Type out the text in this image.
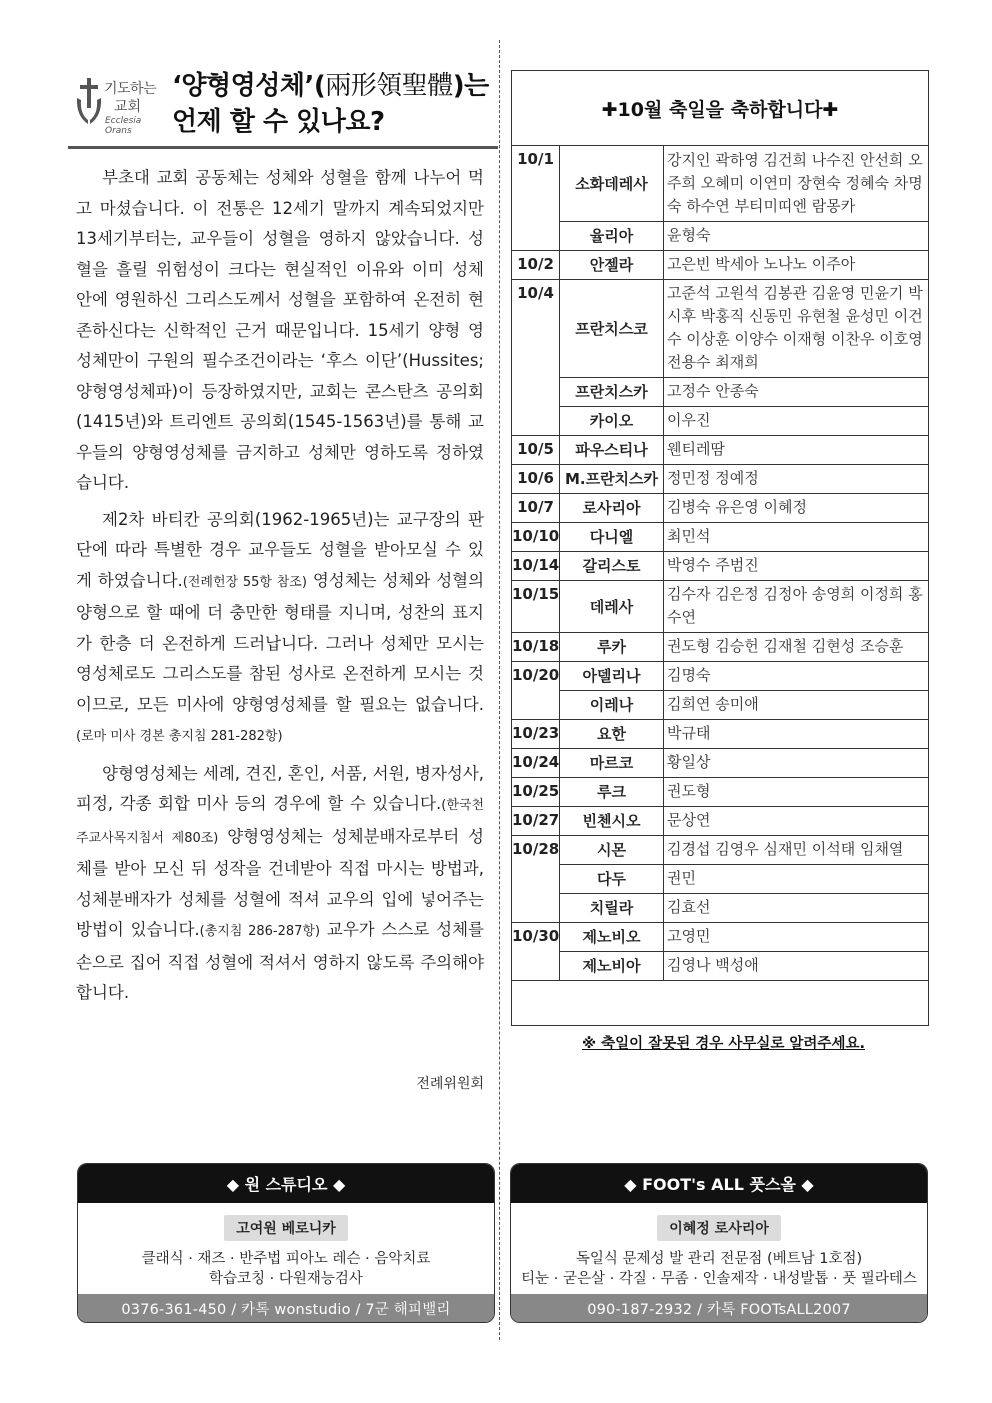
기도하는
교회
Ecclesia Orans
‘양형영성체’(兩形領聖體)는
언제 할 수 있나요?

부초대 교회 공동체는 성체와 성혈을 함께 나누어 먹고 마셨습니다. 이 전통은 12세기 말까지 계속되었지만 13세기부터는, 교우들이 성혈을 영하지 않았습니다. 성혈을 흘릴 위험성이 크다는 현실적인 이유와 이미 성체 안에 영원하신 그리스도께서 성혈을 포함하여 온전히 현존하신다는 신학적인 근거 때문입니다. 15세기 양형 영성체만이 구원의 필수조건이라는 ‘후스 이단’(Hussites; 양형영성체파)이 등장하였지만, 교회는 콘스탄츠 공의회(1415년)와 트리엔트 공의회(1545-1563년)를 통해 교우들의 양형영성체를 금지하고 성체만 영하도록 정하였습니다.

제2차 바티칸 공의회(1962-1965년)는 교구장의 판단에 따라 특별한 경우 교우들도 성혈을 받아모실 수 있게 하였습니다.(전례헌장 55항 참조) 영성체는 성체와 성혈의 양형으로 할 때에 더 충만한 형태를 지니며, 성찬의 표지가 한층 더 온전하게 드러납니다. 그러나 성체만 모시는 영성체로도 그리스도를 참된 성사로 온전하게 모시는 것이므로, 모든 미사에 양형영성체를 할 필요는 없습니다.(로마 미사 경본 총지침 281-282항)

양형영성체는 세례, 견진, 혼인, 서품, 서원, 병자성사, 피정, 각종 회합 미사 등의 경우에 할 수 있습니다.(한국천주교사목지침서 제80조) 양형영성체는 성체분배자로부터 성체를 받아 모신 뒤 성작을 건네받아 직접 마시는 방법과, 성체분배자가 성체를 성혈에 적셔 교우의 입에 넣어주는 방법이 있습니다.(총지침 286-287항) 교우가 스스로 성체를 손으로 집어 직접 성혈에 적셔서 영하지 않도록 주의해야 합니다.

전례위원회
✚10월 축일을 축하합니다✚
10/1	소화데레사	강지인 곽하영 김건희 나수진 안선희 오주희 오혜미 이연미 장현숙 정혜숙 차명숙 하수연 부티미띠엔 람몽카
	율리아	윤형숙
10/2	안젤라	고은빈 박세아 노나노 이주아
10/4	프란치스코	고준석 고원석 김봉관 김윤영 민윤기 박시후 박홍직 신동민 유현철 윤성민 이건수 이상훈 이양수 이재형 이찬우 이호영 전용수 최재희
	프란치스카	고정수 안종숙
	카이오	이우진
10/5	파우스티나	웬티레땀
10/6	M.프란치스카	정민정 정예정
10/7	로사리아	김병숙 유은영 이혜정
10/10	다니엘	최민석
10/14	갈리스토	박영수 주범진
10/15	데레사	김수자 김은정 김정아 송영희 이정희 홍수연
10/18	루카	권도형 김승헌 김재철 김현성 조승훈
10/20	아델리나	김명숙
	이레나	김희연 송미애
10/23	요한	박규태
10/24	마르코	황일상
10/25	루크	권도형
10/27	빈첸시오	문상연
10/28	시몬	김경섭 김영우 심재민 이석태 임채열
	다두	권민
	치릴라	김효선
10/30	제노비오	고영민
	제노비아	김영나 백성애
※ 축일이 잘못된 경우 사무실로 알려주세요.
◆ 원 스튜디오 ◆
고여원 베로니카
클래식 · 재즈 · 반주법 피아노 레슨 · 음악치료
학습코칭 · 다원재능검사
0376-361-450 / 카톡 wonstudio / 7군 해피밸리
◆ FOOT's ALL 풋스올 ◆
이혜정 로사리아
독일식 문제성 발 관리 전문점 (베트남 1호점)
티눈 · 굳은살 · 각질 · 무좀 · 인솔제작 · 내성발톱 · 풋 필라테스
090-187-2932 / 카톡 FOOTsALL2007
